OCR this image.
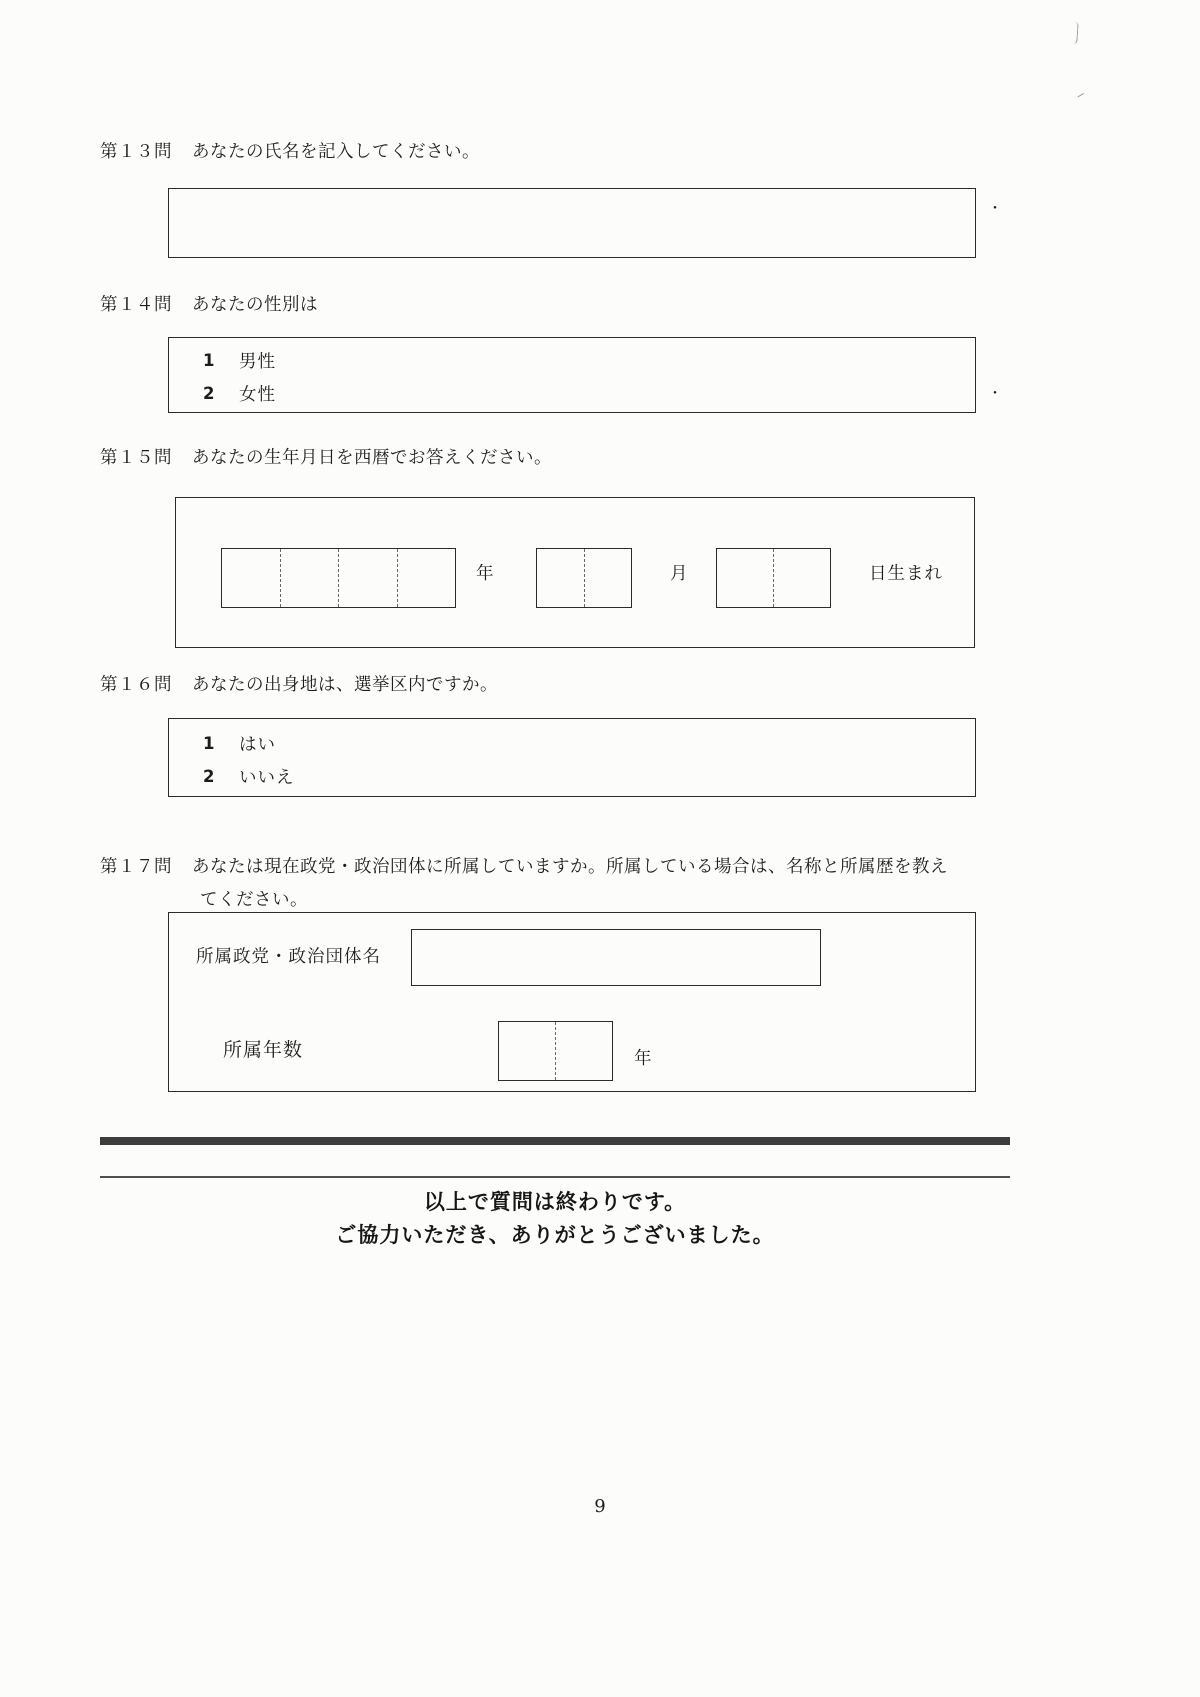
第１３問 あなたの氏名を記入してください。
・
第１４問 あなたの性別は
1	男性
2	女性	・
第１５問 あなたの生年月日を西暦でお答えください。
年	月	日生まれ
第１６問 あなたの出身地は、選挙区内ですか。
1	はい
2	いいえ
第１７問 あなたは現在政党・政治団体に所属していますか。所属している場合は、名称と所属歴を教え
てください。
所属政党・政治団体名
所属年数	年
以上で質問は終わりです。
ご協力いただき、ありがとうございました。
9
